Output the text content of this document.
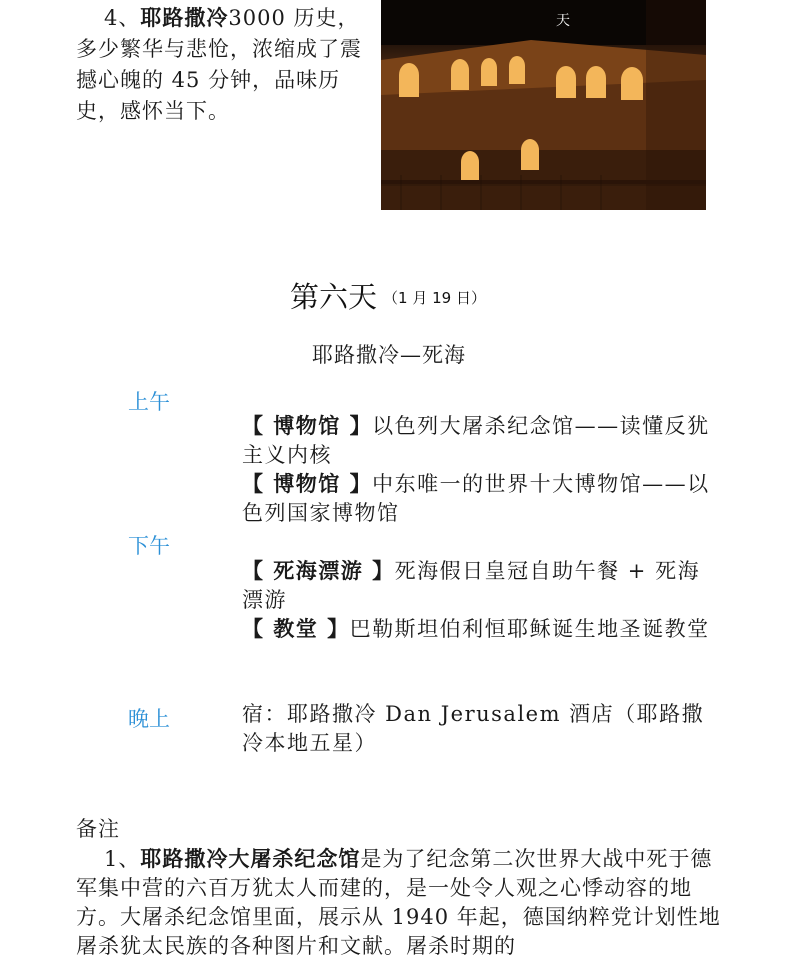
4、耶路撒冷3000 历史，多少繁华与悲怆，浓缩成了震撼心魄的 45 分钟，品味历史，感怀当下。
天
第六天 （1 月 19 日）
耶路撒冷—死海
上午
【 博物馆 】以色列大屠杀纪念馆——读懂反犹主义内核
【 博物馆 】中东唯一的世界十大博物馆——以色列国家博物馆
下午
【 死海漂游 】死海假日皇冠自助午餐 + 死海漂游
【 教堂 】巴勒斯坦伯利恒耶稣诞生地圣诞教堂
晚上	宿：耶路撒冷 Dan Jerusalem 酒店（耶路撒冷本地五星）
备注
1、耶路撒冷大屠杀纪念馆是为了纪念第二次世界大战中死于德军集中营的六百万犹太人而建的，是一处令人观之心悸动容的地方。大屠杀纪念馆里面，展示从 1940 年起，德国纳粹党计划性地屠杀犹太民族的各种图片和文献。屠杀时期的
